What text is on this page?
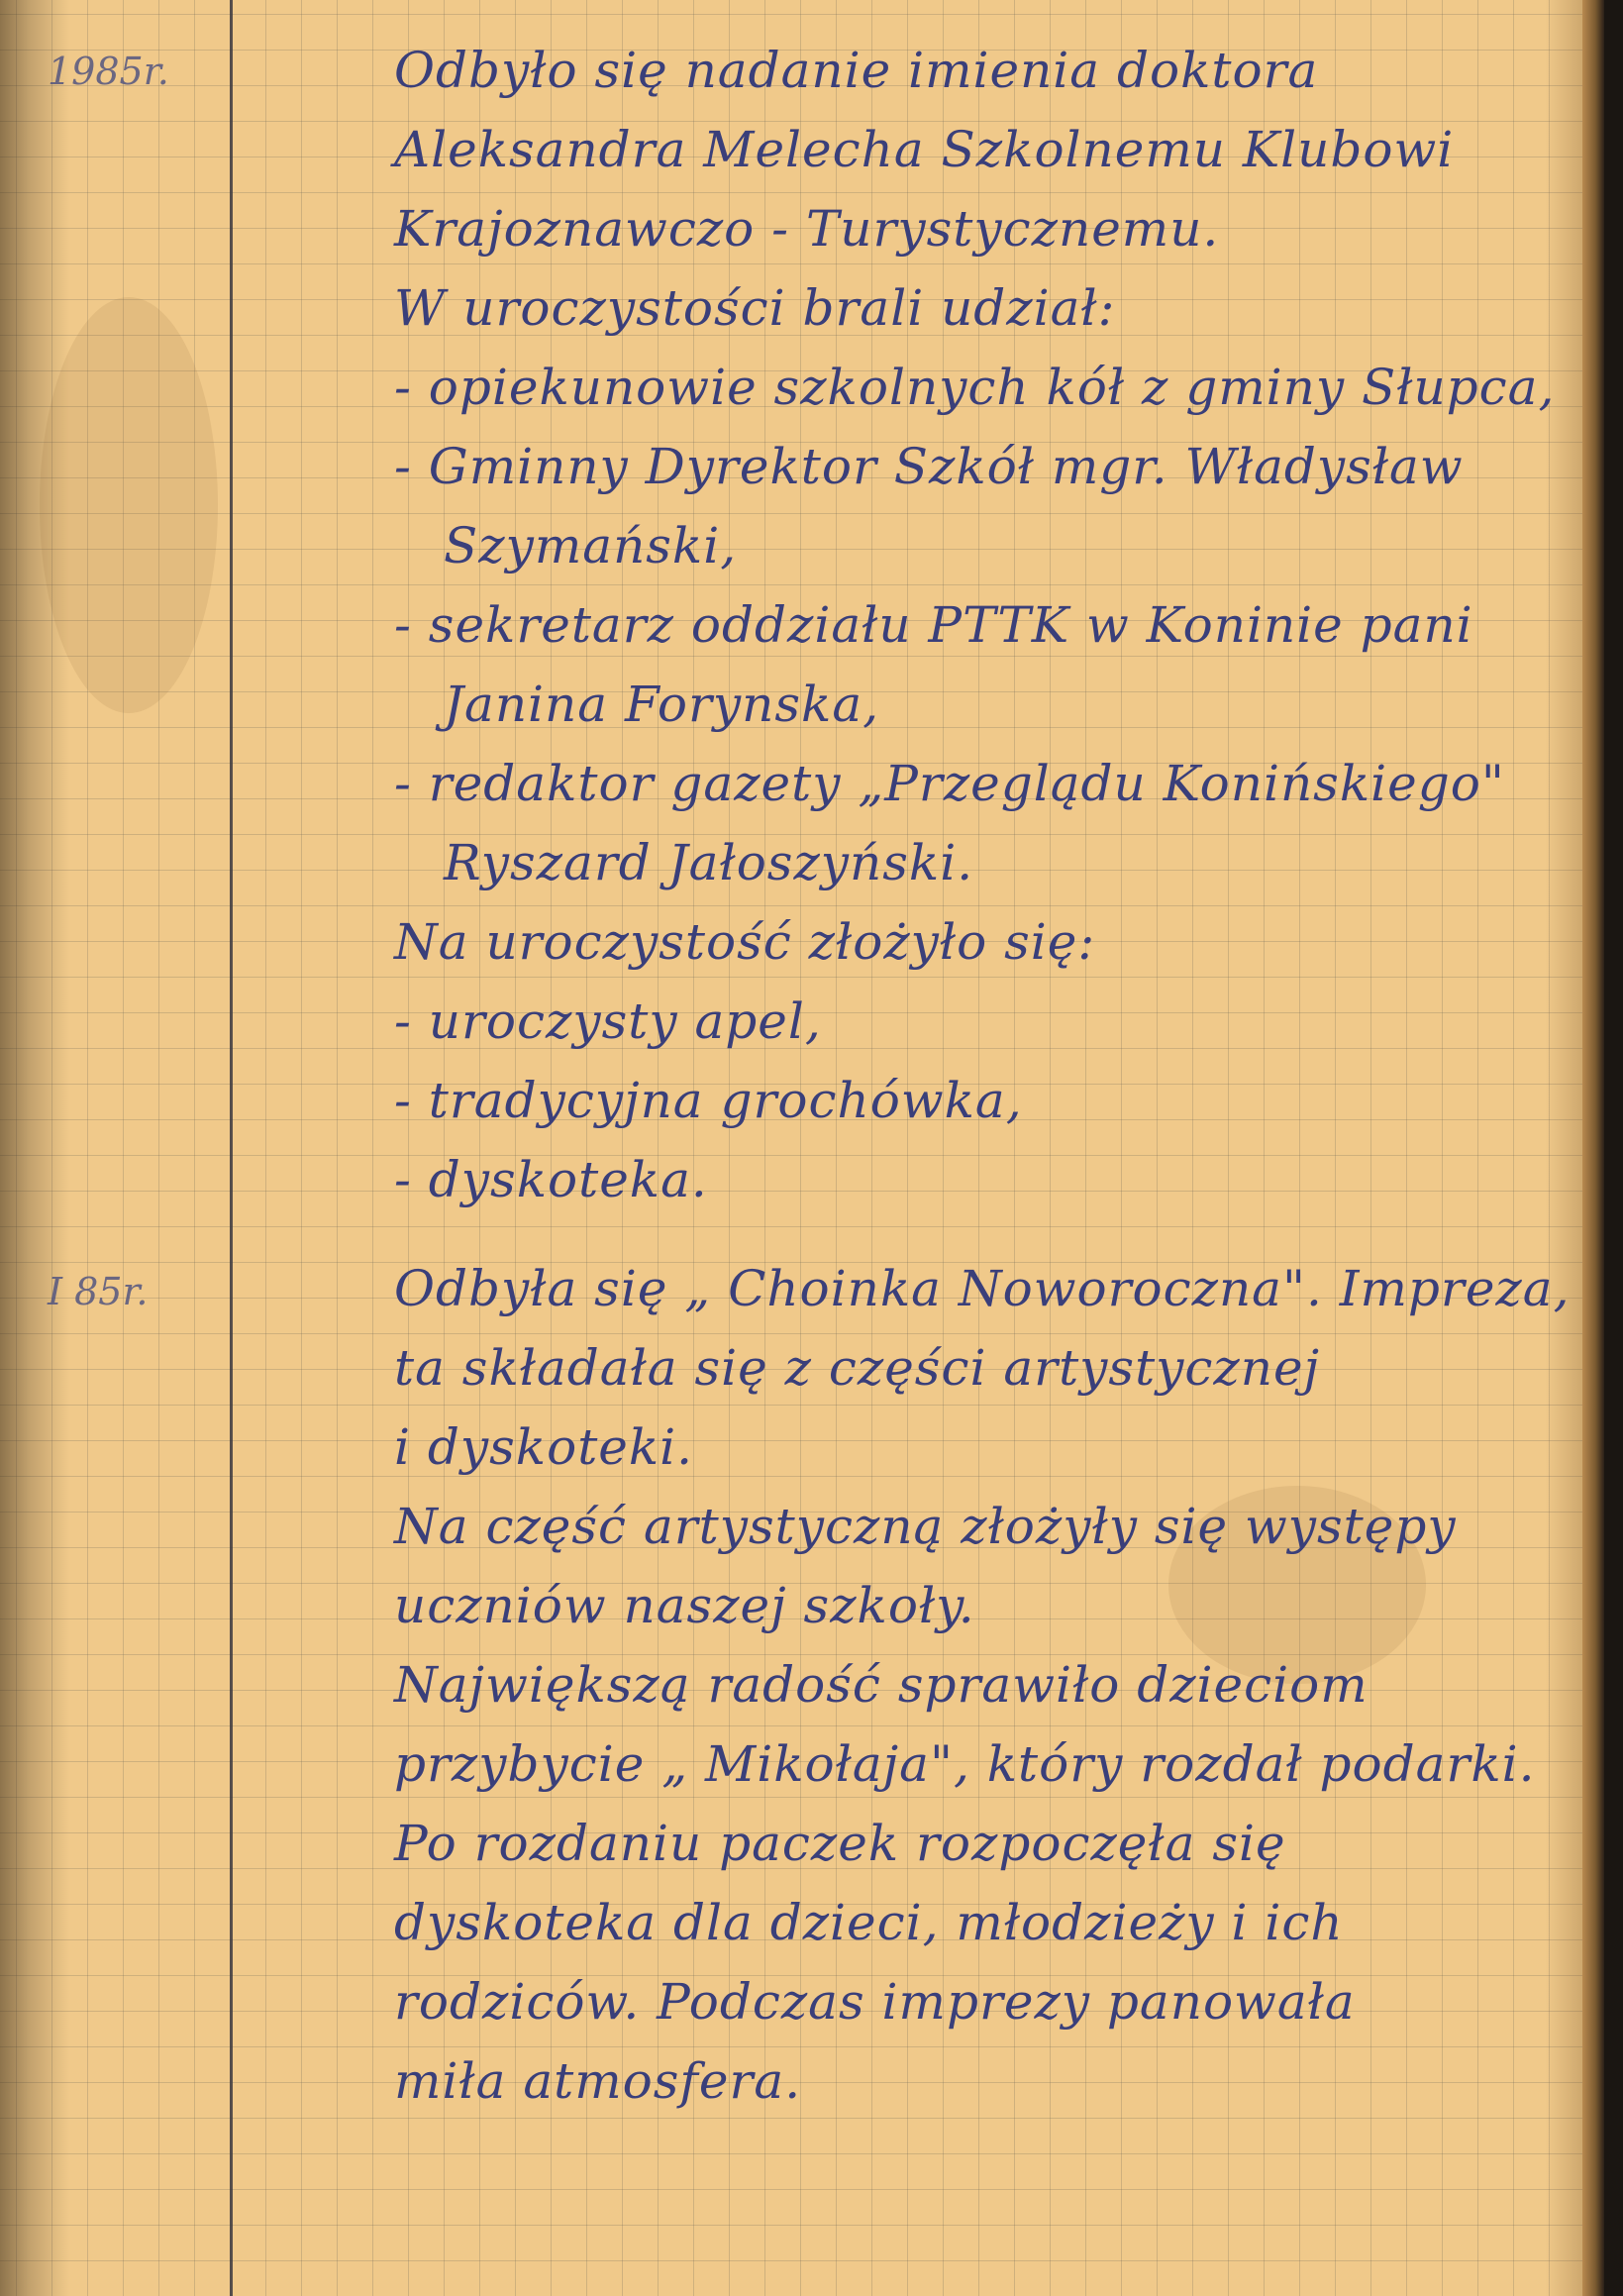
1985r.	Odbyło się nadanie imienia doktora
Aleksandra Melecha Szkolnemu Klubowi
Krajoznawczo - Turystycznemu.
W uroczystości brali udział:
- opiekunowie szkolnych kół z gminy Słupca,
- Gminny Dyrektor Szkół mgr. Władysław
Szymański,
- sekretarz oddziału PTTK w Koninie pani
Janina Forynska,
- redaktor gazety „Przeglądu Konińskiego"
Ryszard Jałoszyński.
Na uroczystość złożyło się:
- uroczysty apel,
- tradycyjna grochówka,
- dyskoteka.
I 85r.	Odbyła się „ Choinka Noworoczna". Impreza,
ta składała się z części artystycznej
i dyskoteki.
Na część artystyczną złożyły się występy
uczniów naszej szkoły.
Największą radość sprawiło dzieciom
przybycie „ Mikołaja", który rozdał podarki.
Po rozdaniu paczek rozpoczęła się
dyskoteka dla dzieci, młodzieży i ich
rodziców. Podczas imprezy panowała
miła atmosfera.
